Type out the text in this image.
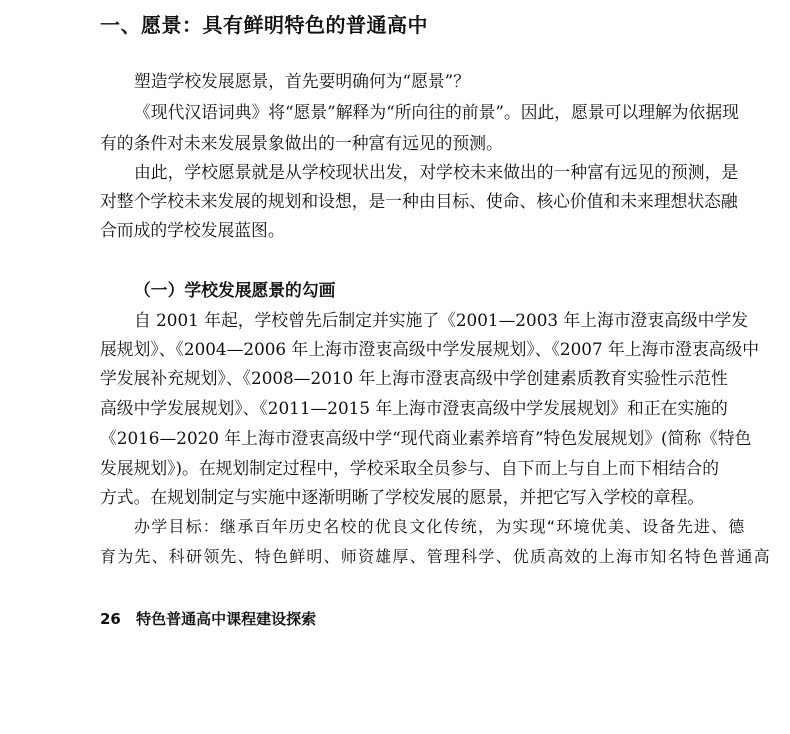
一、愿景：具有鲜明特色的普通高中
塑造学校发展愿景，首先要明确何为“愿景”？
《现代汉语词典》将“愿景”解释为“所向往的前景”。因此，愿景可以理解为依据现
有的条件对未来发展景象做出的一种富有远见的预测。
由此，学校愿景就是从学校现状出发，对学校未来做出的一种富有远见的预测，是
对整个学校未来发展的规划和设想，是一种由目标、使命、核心价值和未来理想状态融
合而成的学校发展蓝图。
（一）学校发展愿景的勾画
自 2001 年起，学校曾先后制定并实施了《2001—2003 年上海市澄衷高级中学发
展规划》、《2004—2006 年上海市澄衷高级中学发展规划》、《2007 年上海市澄衷高级中
学发展补充规划》、《2008—2010 年上海市澄衷高级中学创建素质教育实验性示范性
高级中学发展规划》、《2011—2015 年上海市澄衷高级中学发展规划》和正在实施的
《2016—2020 年上海市澄衷高级中学“现代商业素养培育”特色发展规划》(简称《特色
发展规划》)。在规划制定过程中，学校采取全员参与、自下而上与自上而下相结合的
方式。在规划制定与实施中逐渐明晰了学校发展的愿景，并把它写入学校的章程。
办学目标：继承百年历史名校的优良文化传统，为实现“环境优美、设备先进、德
育为先、科研领先、特色鲜明、师资雄厚、管理科学、优质高效的上海市知名特色普通高
26 特色普通高中课程建设探索
